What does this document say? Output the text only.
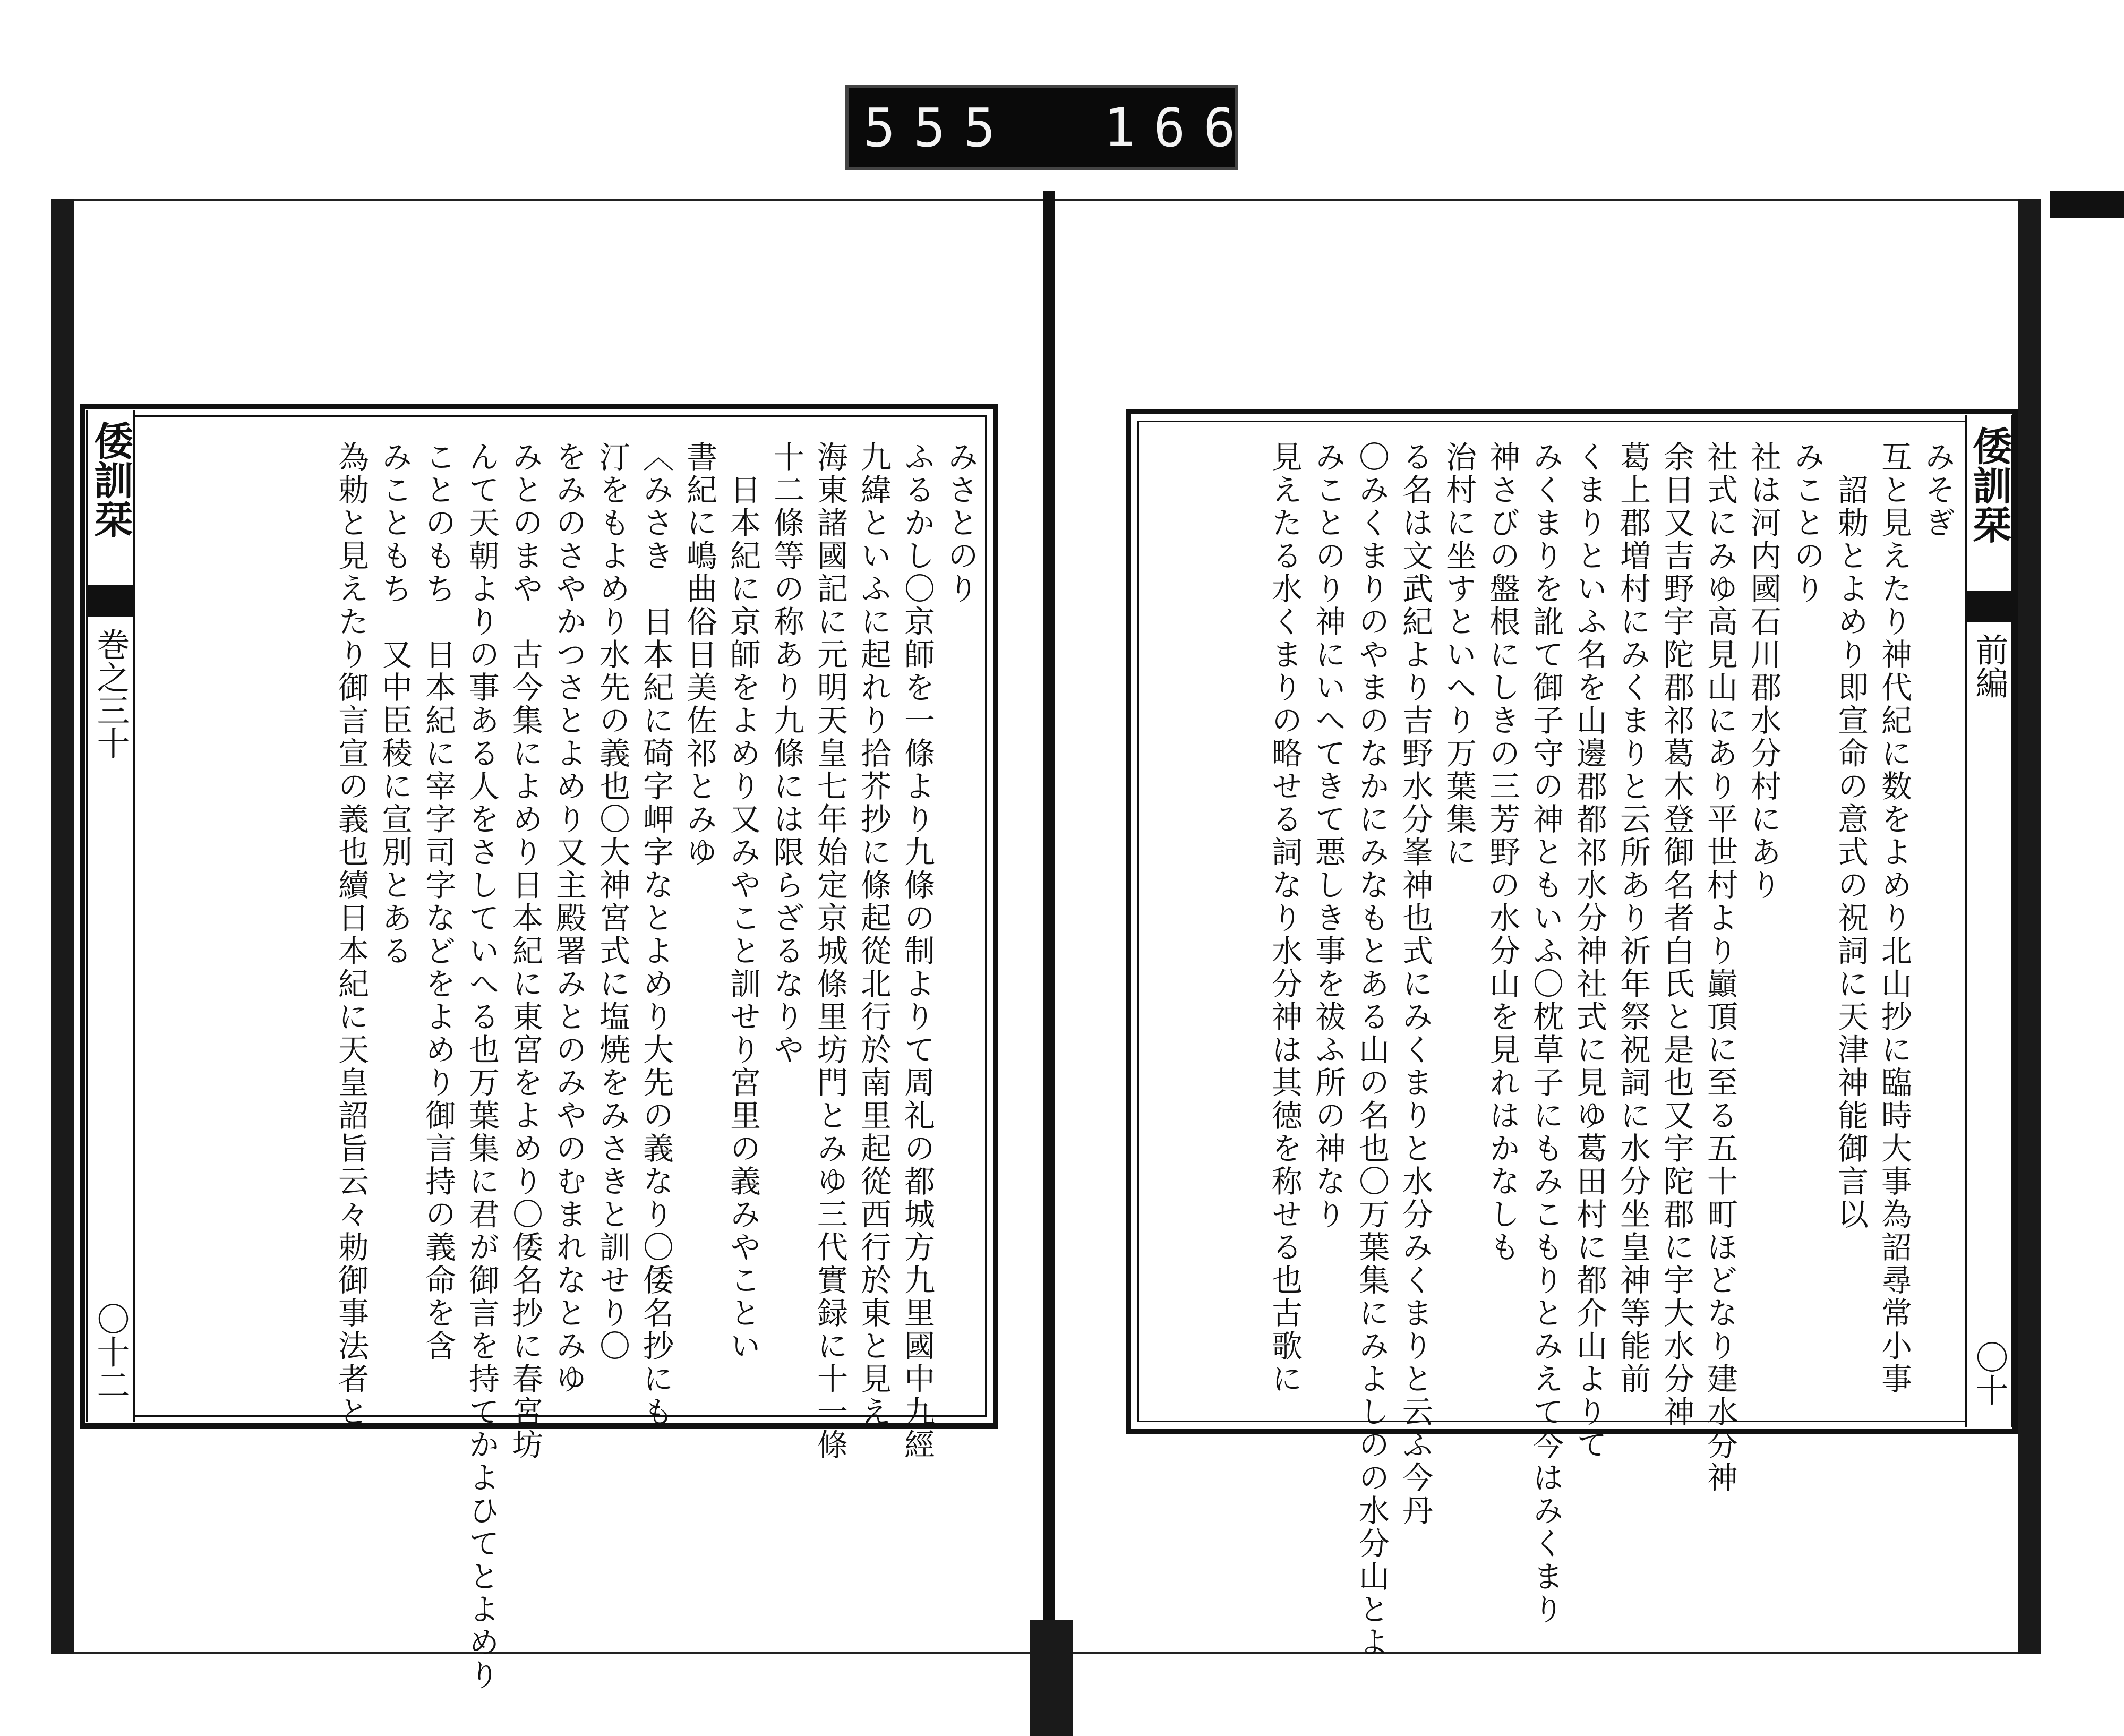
555 166
倭訓栞
巻之三十
〇十二
倭訓栞
前編
〇十
みさとのり
ふるかし〇京師を一條より九條の制よりて周礼の都城方九里國中九經
九緯といふに起れり拾芥抄に條起從北行於南里起從西行於東と見え
海東諸國記に元明天皇七年始定京城條里坊門とみゆ三代實録に十一條
十二條等の称あり九條には限らざるなりや
　日本紀に京師をよめり又みやこと訓せり宮里の義みやことい
書紀に嶋曲俗日美佐祁とみゆ
〈みさき　日本紀に碕字岬字なとよめり大先の義なり〇倭名抄にも
汀をもよめり水先の義也〇大神宮式に塩焼をみさきと訓せり〇
をみのさやかつさとよめり又主殿署みとのみやのむまれなとみゆ
みとのまや　古今集によめり日本紀に東宮をよめり〇倭名抄に春宮坊
んて天朝よりの事ある人をさしていへる也万葉集に君が御言を持てかよひてとよめり
ことのもち　日本紀に宰字司字などをよめり御言持の義命を含
みこともち　又中臣稜に宣別とある
為勅と見えたり御言宣の義也續日本紀に天皇詔旨云々勅御事法者と	みそぎ
互と見えたり神代紀に数をよめり北山抄に臨時大事為詔尋常小事
　詔勅とよめり即宣命の意式の祝詞に天津神能御言以
みことのり
社は河内國石川郡水分村にあり
社式にみゆ高見山にあり平世村より巓頂に至る五十町ほどなり建水分神
余日又吉野宇陀郡祁葛木登御名者白氏と是也又宇陀郡に宇大水分神
葛上郡増村にみくまりと云所あり祈年祭祝詞に水分坐皇神等能前
くまりといふ名を山邊郡都祁水分神社式に見ゆ葛田村に都介山よりて
みくまりを訛て御子守の神ともいふ〇枕草子にもみこもりとみえて今はみくまり
神さびの盤根にしきの三芳野の水分山を見れはかなしも
治村に坐すといへり万葉集に
る名は文武紀より吉野水分峯神也式にみくまりと水分みくまりと云ふ今丹
〇みくまりのやまのなかにみなもとある山の名也〇万葉集にみよしのの水分山とよ
みことのり神にいへてきて悪しき事を祓ふ所の神なり
見えたる水くまりの略せる詞なり水分神は其徳を称せる也古歌に
